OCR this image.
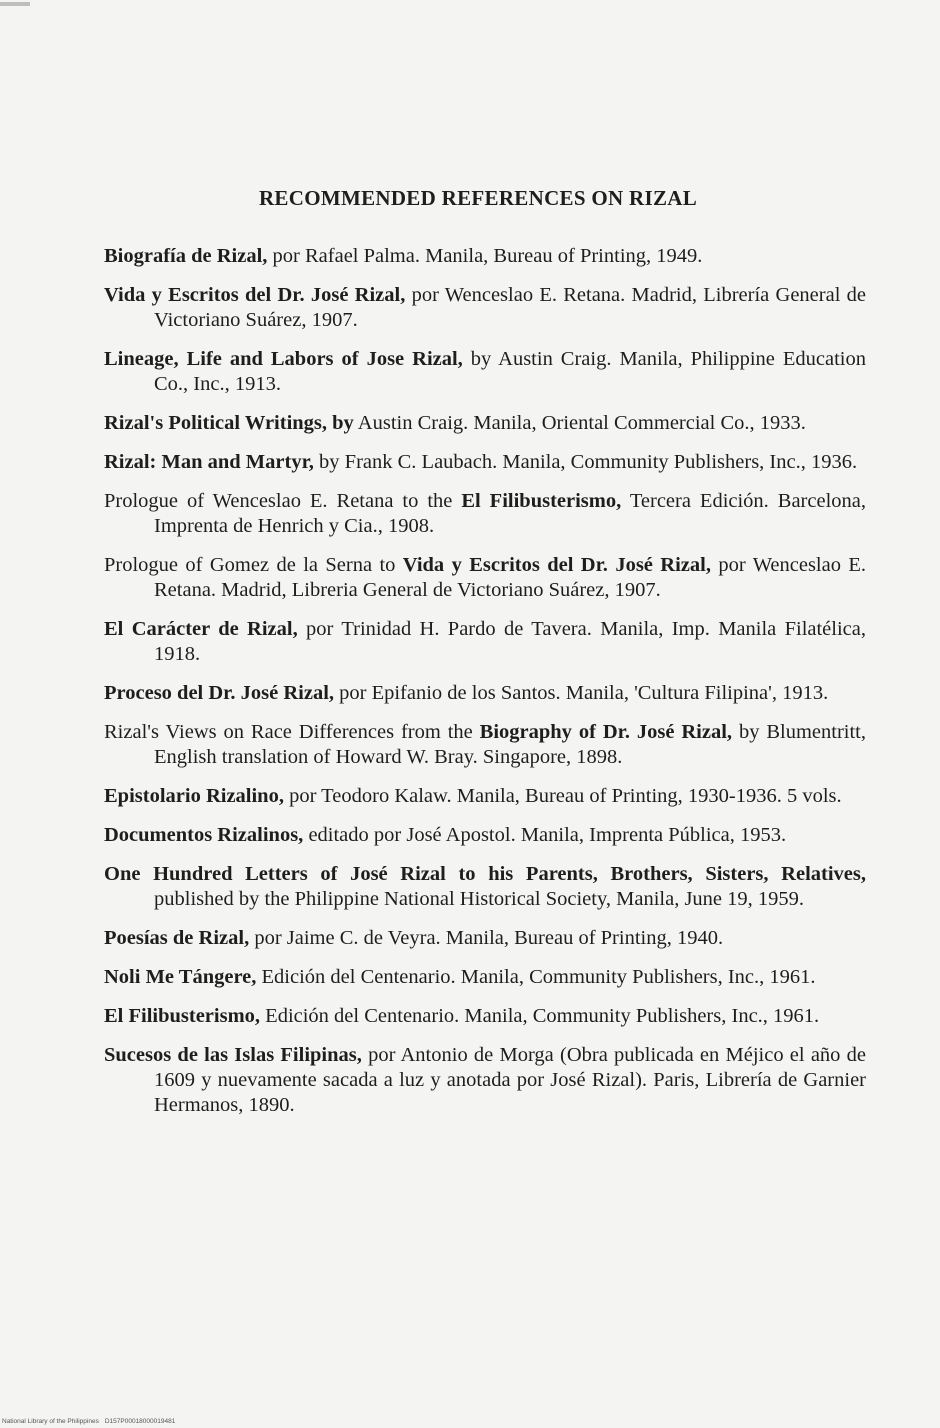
RECOMMENDED REFERENCES ON RIZAL
Biografía de Rizal, por Rafael Palma. Manila, Bureau of Printing, 1949.
Vida y Escritos del Dr. José Rizal, por Wenceslao E. Retana. Madrid, Librería General de Victoriano Suárez, 1907.
Lineage, Life and Labors of Jose Rizal, by Austin Craig. Manila, Philippine Education Co., Inc., 1913.
Rizal's Political Writings, by Austin Craig. Manila, Oriental Commercial Co., 1933.
Rizal: Man and Martyr, by Frank C. Laubach. Manila, Community Publishers, Inc., 1936.
Prologue of Wenceslao E. Retana to the El Filibusterismo, Tercera Edición. Barcelona, Imprenta de Henrich y Cia., 1908.
Prologue of Gomez de la Serna to Vida y Escritos del Dr. José Rizal, por Wenceslao E. Retana. Madrid, Libreria General de Victoriano Suárez, 1907.
El Carácter de Rizal, por Trinidad H. Pardo de Tavera. Manila, Imp. Manila Filatélica, 1918.
Proceso del Dr. José Rizal, por Epifanio de los Santos. Manila, 'Cultura Filipina', 1913.
Rizal's Views on Race Differences from the Biography of Dr. José Rizal, by Blumentritt, English translation of Howard W. Bray. Singapore, 1898.
Epistolario Rizalino, por Teodoro Kalaw. Manila, Bureau of Printing, 1930-1936. 5 vols.
Documentos Rizalinos, editado por José Apostol. Manila, Imprenta Pública, 1953.
One Hundred Letters of José Rizal to his Parents, Brothers, Sisters, Relatives, published by the Philippine National Historical Society, Manila, June 19, 1959.
Poesías de Rizal, por Jaime C. de Veyra. Manila, Bureau of Printing, 1940.
Noli Me Tángere, Edición del Centenario. Manila, Community Publishers, Inc., 1961.
El Filibusterismo, Edición del Centenario. Manila, Community Publishers, Inc., 1961.
Sucesos de las Islas Filipinas, por Antonio de Morga (Obra publicada en Méjico el año de 1609 y nuevamente sacada a luz y anotada por José Rizal). Paris, Librería de Garnier Hermanos, 1890.
National Library of the Philippines D157P00018000019481
